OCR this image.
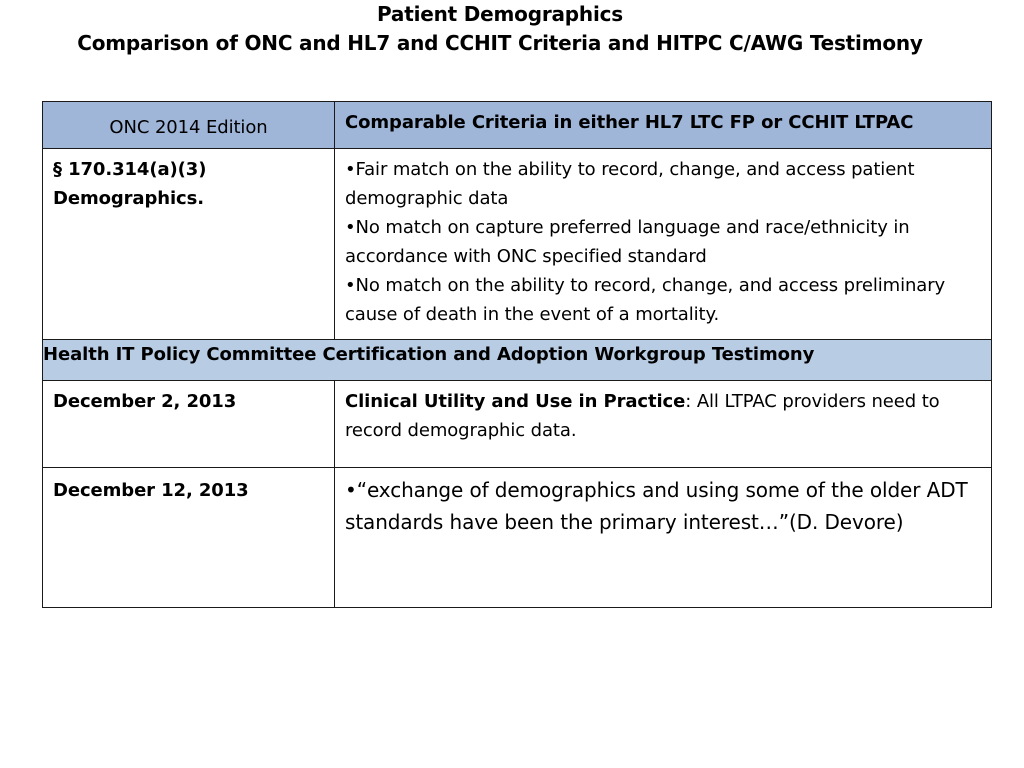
Patient Demographics
Comparison of ONC and HL7 and CCHIT Criteria and HITPC C/AWG Testimony
ONC 2014 Edition	Comparable Criteria in either HL7 LTC FP or CCHIT LTPAC
§ 170.314(a)(3) Demographics.	•Fair match on the ability to record, change, and access patient demographic data
•No match on capture preferred language and race/ethnicity in accordance with ONC specified standard
•No match on the ability to record, change, and access preliminary cause of death in the event of a mortality.

Health IT Policy Committee Certification and Adoption Workgroup Testimony	
December 2, 2013	Clinical Utility and Use in Practice: All LTPAC providers need to record demographic data.
December 12, 2013	•“exchange of demographics and using some of the older ADT standards have been the primary interest…”(D. Devore)
